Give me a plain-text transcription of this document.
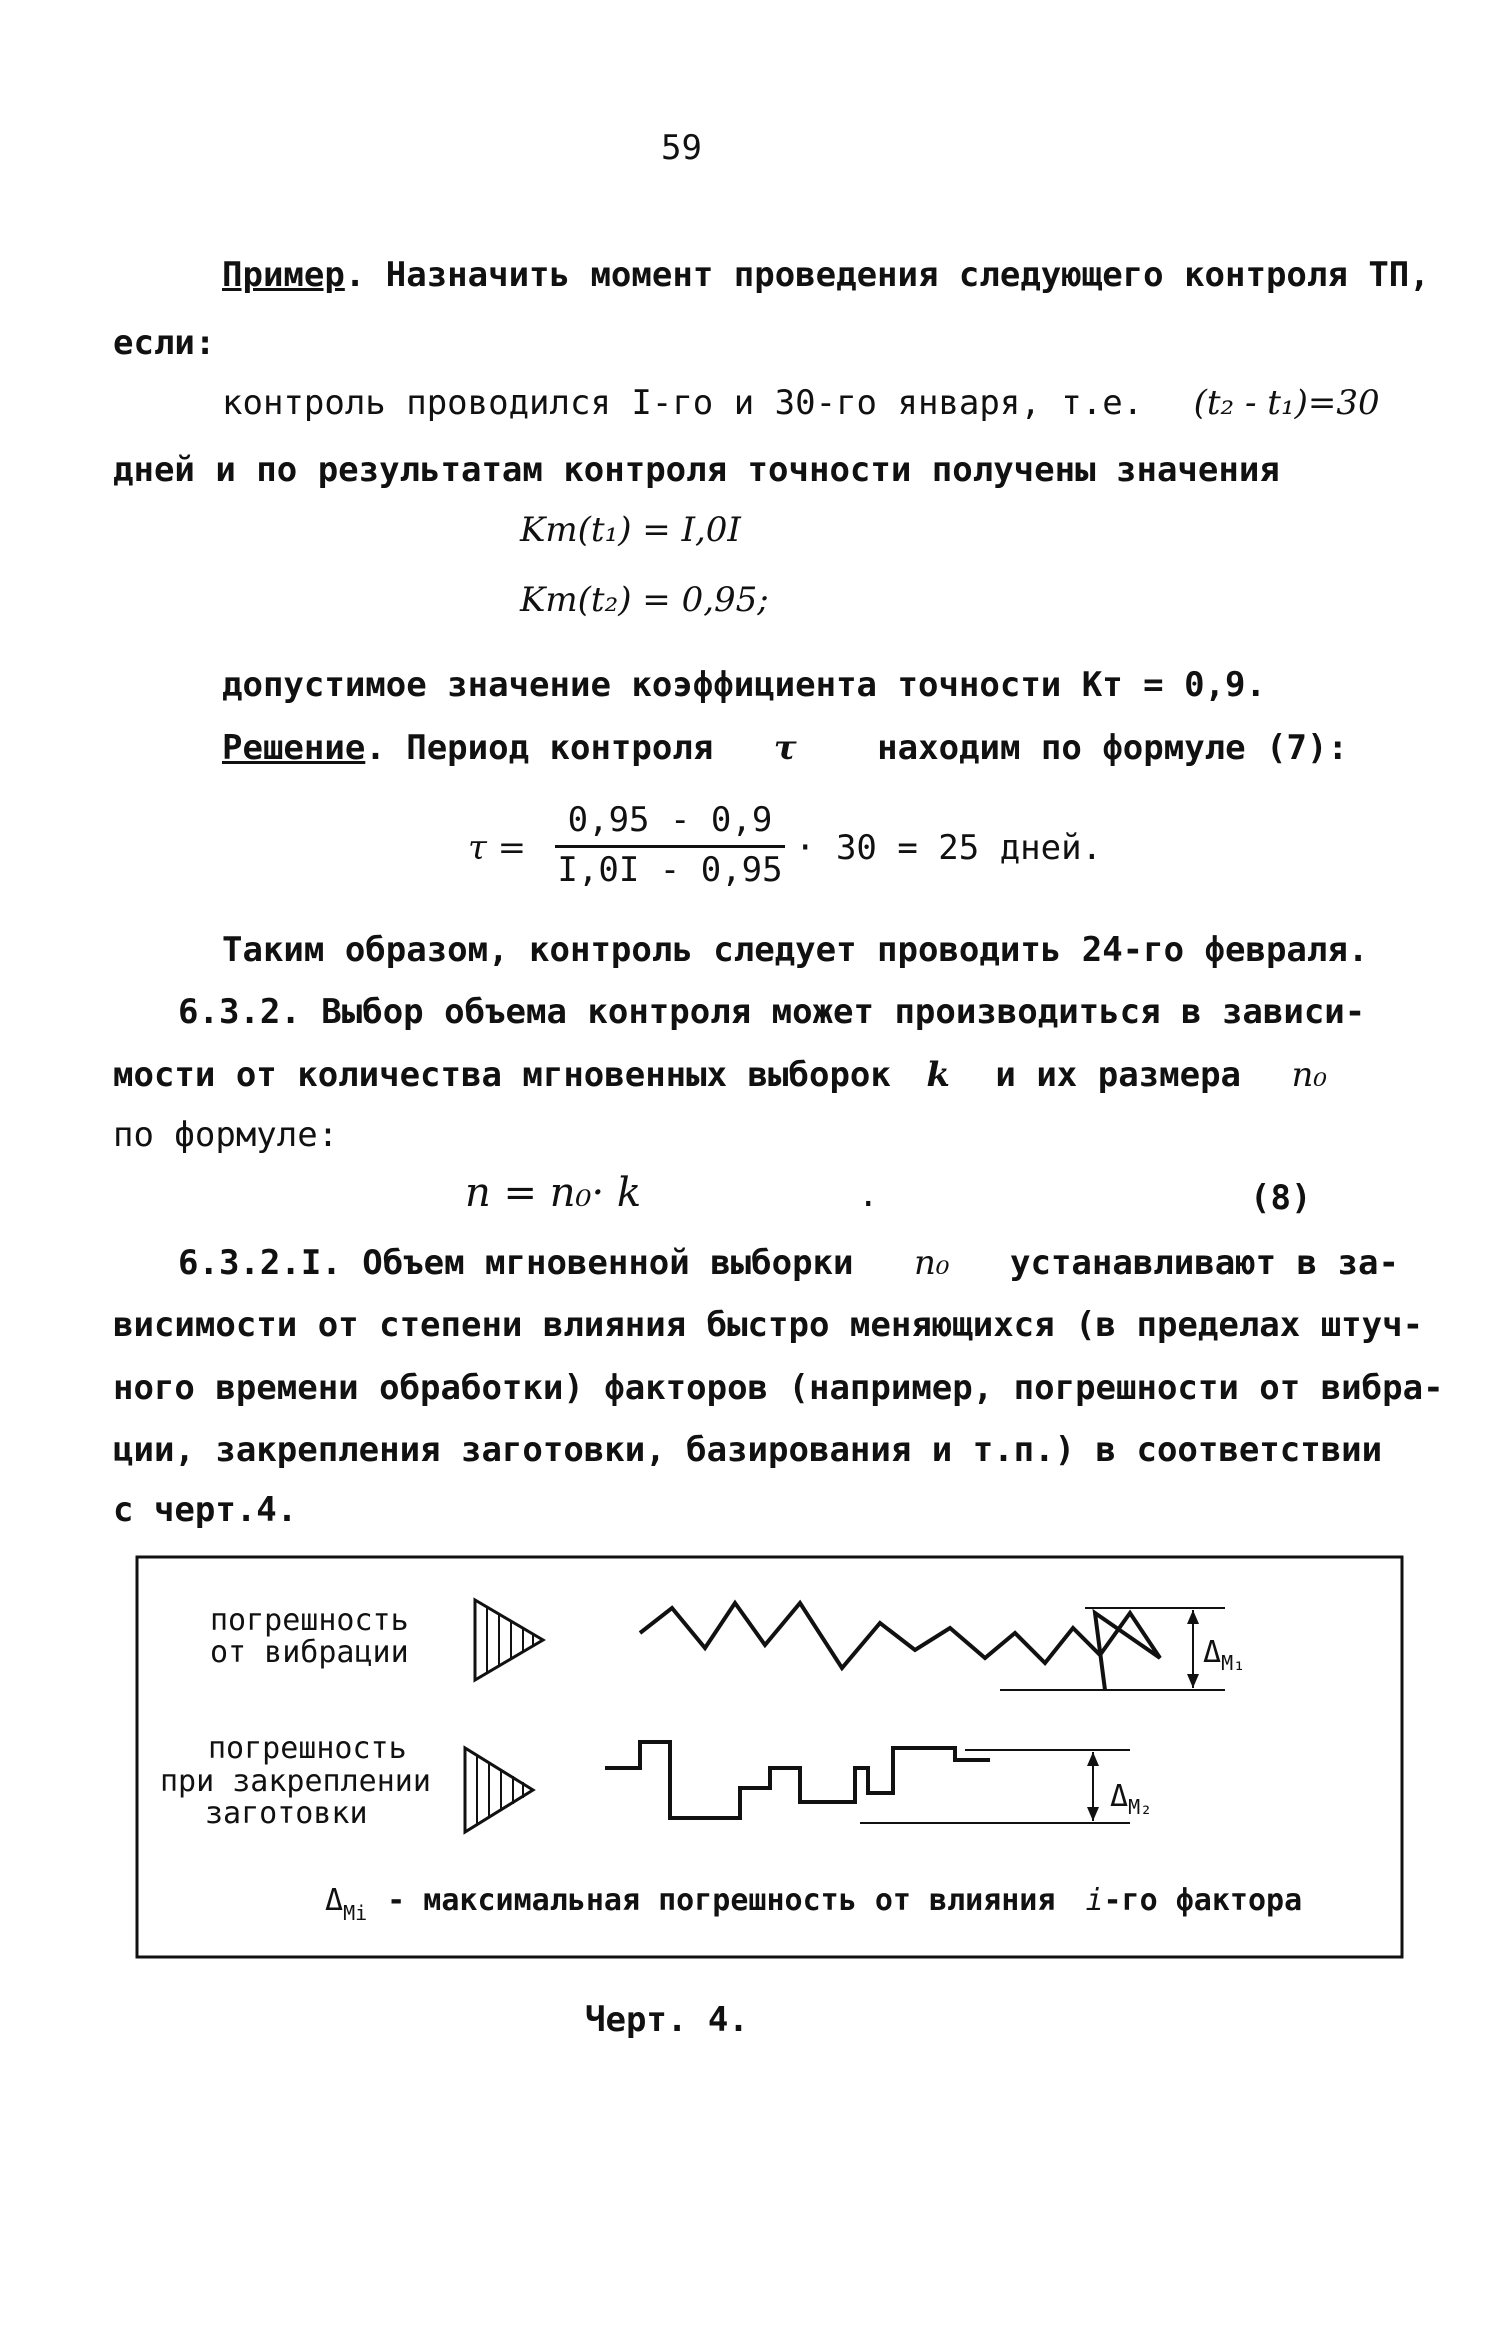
59
Пример. Назначить момент проведения следующего контроля ТП,
если:
контроль проводился I-го и 30-го января, т.е. (t₂ - t₁)=30
дней и по результатам контроля точности получены значения
Kт(t₁) = I,0I
Kт(t₂) = 0,95;
допустимое значение коэффициента точности Kт = 0,9.
Решение. Период контроля τ находим по формуле (7):
τ =
0,95 - 0,9
I,0I - 0,95
· 30 = 25 дней.
Таким образом, контроль следует проводить 24-го февраля.
6.3.2. Выбор объема контроля может производиться в зависи-
мости от количества мгновенных выборок k и их размера n₀
по формуле:
n = n₀· k	.	(8)
6.3.2.I. Объем мгновенной выборки n₀ устанавливают в за-
висимости от степени влияния быстро меняющихся (в пределах штуч-
ного времени обработки) факторов (например, погрешности от вибра-
ции, закрепления заготовки, базирования и т.п.) в соответствии
с черт.4.
погрешность
от вибрации	$\Delta_{M_1}$
погрешность
при закреплении
заготовки	$\Delta_{M_2}$
$\Delta_{Mi}$ - максимальная погрешность от влияния i-го фактора
Черт. 4.
